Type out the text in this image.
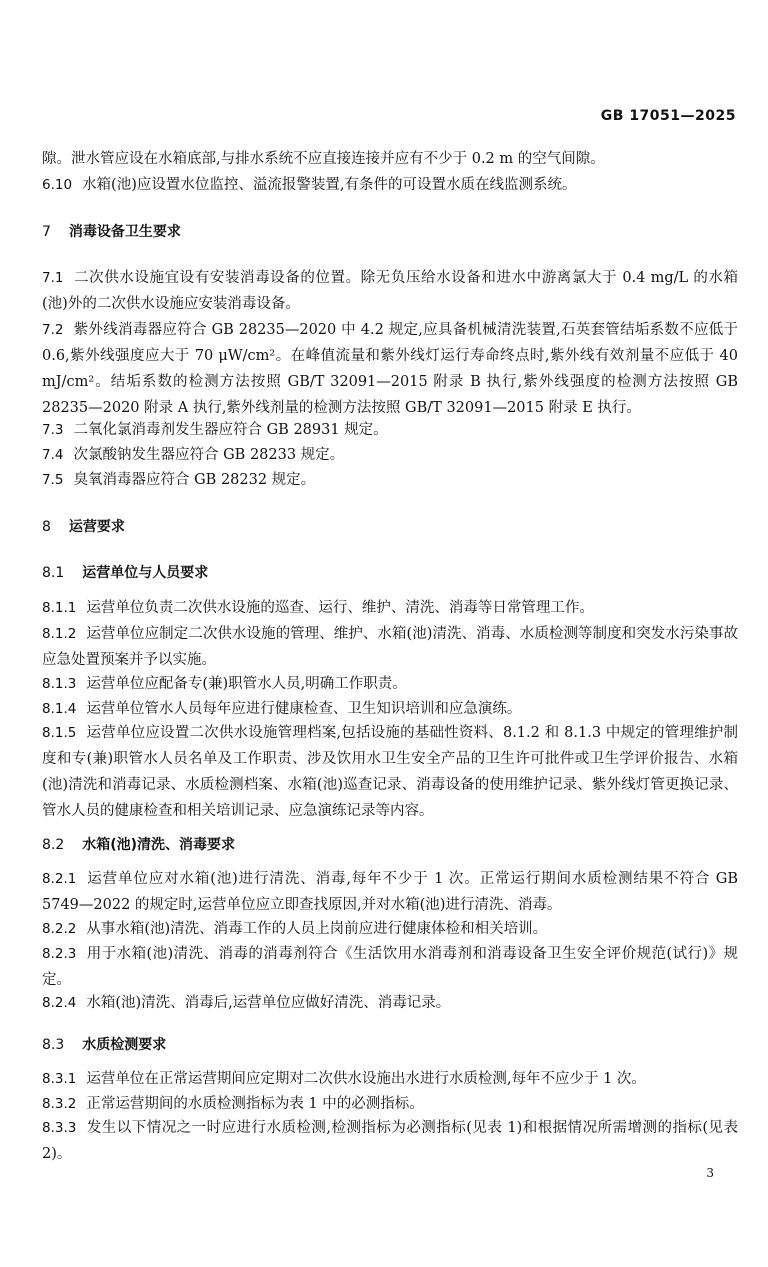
GB 17051—2025

隙。泄水管应设在水箱底部,与排水系统不应直接连接并应有不少于 0.2 m 的空气间隙。

6.10 水箱(池)应设置水位监控、溢流报警装置,有条件的可设置水质在线监测系统。

7 消毒设备卫生要求

7.1 二次供水设施宜设有安装消毒设备的位置。除无负压给水设备和进水中游离氯大于 0.4 mg/L 的水箱(池)外的二次供水设施应安装消毒设备。

7.2 紫外线消毒器应符合 GB 28235—2020 中 4.2 规定,应具备机械清洗装置,石英套管结垢系数不应低于 0.6,紫外线强度应大于 70 μW/cm²。在峰值流量和紫外线灯运行寿命终点时,紫外线有效剂量不应低于 40 mJ/cm²。结垢系数的检测方法按照 GB/T 32091—2015 附录 B 执行,紫外线强度的检测方法按照 GB 28235—2020 附录 A 执行,紫外线剂量的检测方法按照 GB/T 32091—2015 附录 E 执行。

7.3 二氧化氯消毒剂发生器应符合 GB 28931 规定。

7.4 次氯酸钠发生器应符合 GB 28233 规定。

7.5 臭氧消毒器应符合 GB 28232 规定。

8 运营要求
8.1 运营单位与人员要求

8.1.1 运营单位负责二次供水设施的巡查、运行、维护、清洗、消毒等日常管理工作。

8.1.2 运营单位应制定二次供水设施的管理、维护、水箱(池)清洗、消毒、水质检测等制度和突发水污染事故应急处置预案并予以实施。

8.1.3 运营单位应配备专(兼)职管水人员,明确工作职责。

8.1.4 运营单位管水人员每年应进行健康检查、卫生知识培训和应急演练。

8.1.5 运营单位应设置二次供水设施管理档案,包括设施的基础性资料、8.1.2 和 8.1.3 中规定的管理维护制度和专(兼)职管水人员名单及工作职责、涉及饮用水卫生安全产品的卫生许可批件或卫生学评价报告、水箱(池)清洗和消毒记录、水质检测档案、水箱(池)巡查记录、消毒设备的使用维护记录、紫外线灯管更换记录、管水人员的健康检查和相关培训记录、应急演练记录等内容。

8.2 水箱(池)清洗、消毒要求

8.2.1 运营单位应对水箱(池)进行清洗、消毒,每年不少于 1 次。正常运行期间水质检测结果不符合 GB 5749—2022 的规定时,运营单位应立即查找原因,并对水箱(池)进行清洗、消毒。

8.2.2 从事水箱(池)清洗、消毒工作的人员上岗前应进行健康体检和相关培训。

8.2.3 用于水箱(池)清洗、消毒的消毒剂符合《生活饮用水消毒剂和消毒设备卫生安全评价规范(试行)》规定。

8.2.4 水箱(池)清洗、消毒后,运营单位应做好清洗、消毒记录。

8.3 水质检测要求

8.3.1 运营单位在正常运营期间应定期对二次供水设施出水进行水质检测,每年不应少于 1 次。

8.3.2 正常运营期间的水质检测指标为表 1 中的必测指标。

8.3.3 发生以下情况之一时应进行水质检测,检测指标为必测指标(见表 1)和根据情况所需增测的指标(见表 2)。

3
